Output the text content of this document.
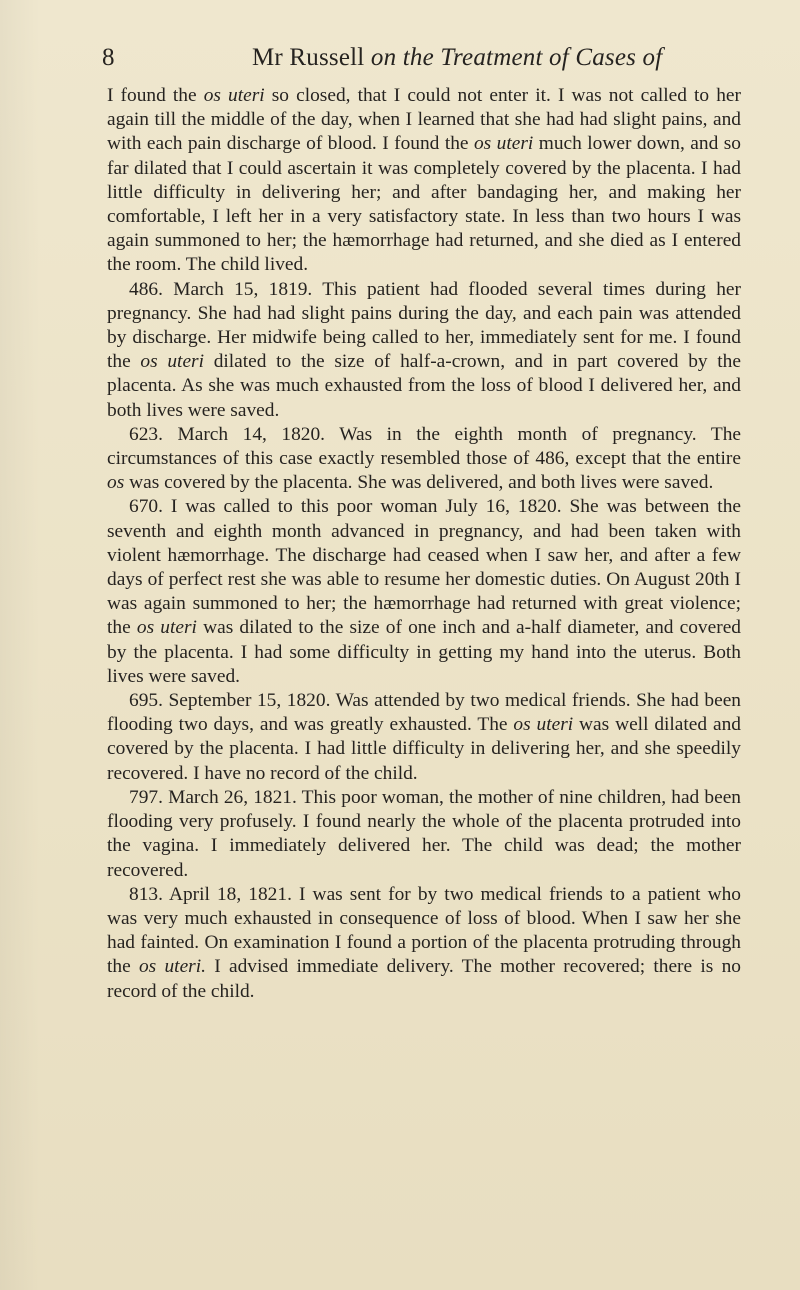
8	Mr Russell on the Treatment of Cases of

I found the os uteri so closed, that I could not enter it. I was not called to her again till the middle of the day, when I learned that she had had slight pains, and with each pain discharge of blood. I found the os uteri much lower down, and so far dilated that I could ascertain it was completely covered by the placenta. I had little difficulty in delivering her; and after bandaging her, and making her comfortable, I left her in a very satisfactory state. In less than two hours I was again summoned to her; the hæmorrhage had returned, and she died as I entered the room. The child lived.

486. March 15, 1819. This patient had flooded several times during her pregnancy. She had had slight pains during the day, and each pain was attended by discharge. Her midwife being called to her, immediately sent for me. I found the os uteri dilated to the size of half-a-crown, and in part covered by the placenta. As she was much exhausted from the loss of blood I delivered her, and both lives were saved.

623. March 14, 1820. Was in the eighth month of pregnancy. The circumstances of this case exactly resembled those of 486, except that the entire os was covered by the placenta. She was delivered, and both lives were saved.

670. I was called to this poor woman July 16, 1820. She was between the seventh and eighth month advanced in pregnancy, and had been taken with violent hæmorrhage. The discharge had ceased when I saw her, and after a few days of perfect rest she was able to resume her domestic duties. On August 20th I was again summoned to her; the hæmorrhage had returned with great violence; the os uteri was dilated to the size of one inch and a-half diameter, and covered by the placenta. I had some difficulty in getting my hand into the uterus. Both lives were saved.

695. September 15, 1820. Was attended by two medical friends. She had been flooding two days, and was greatly exhausted. The os uteri was well dilated and covered by the placenta. I had little difficulty in delivering her, and she speedily recovered. I have no record of the child.

797. March 26, 1821. This poor woman, the mother of nine children, had been flooding very profusely. I found nearly the whole of the placenta protruded into the vagina. I immediately delivered her. The child was dead; the mother recovered.

813. April 18, 1821. I was sent for by two medical friends to a patient who was very much exhausted in consequence of loss of blood. When I saw her she had fainted. On examination I found a portion of the placenta protruding through the os uteri. I advised immediate delivery. The mother recovered; there is no record of the child.
